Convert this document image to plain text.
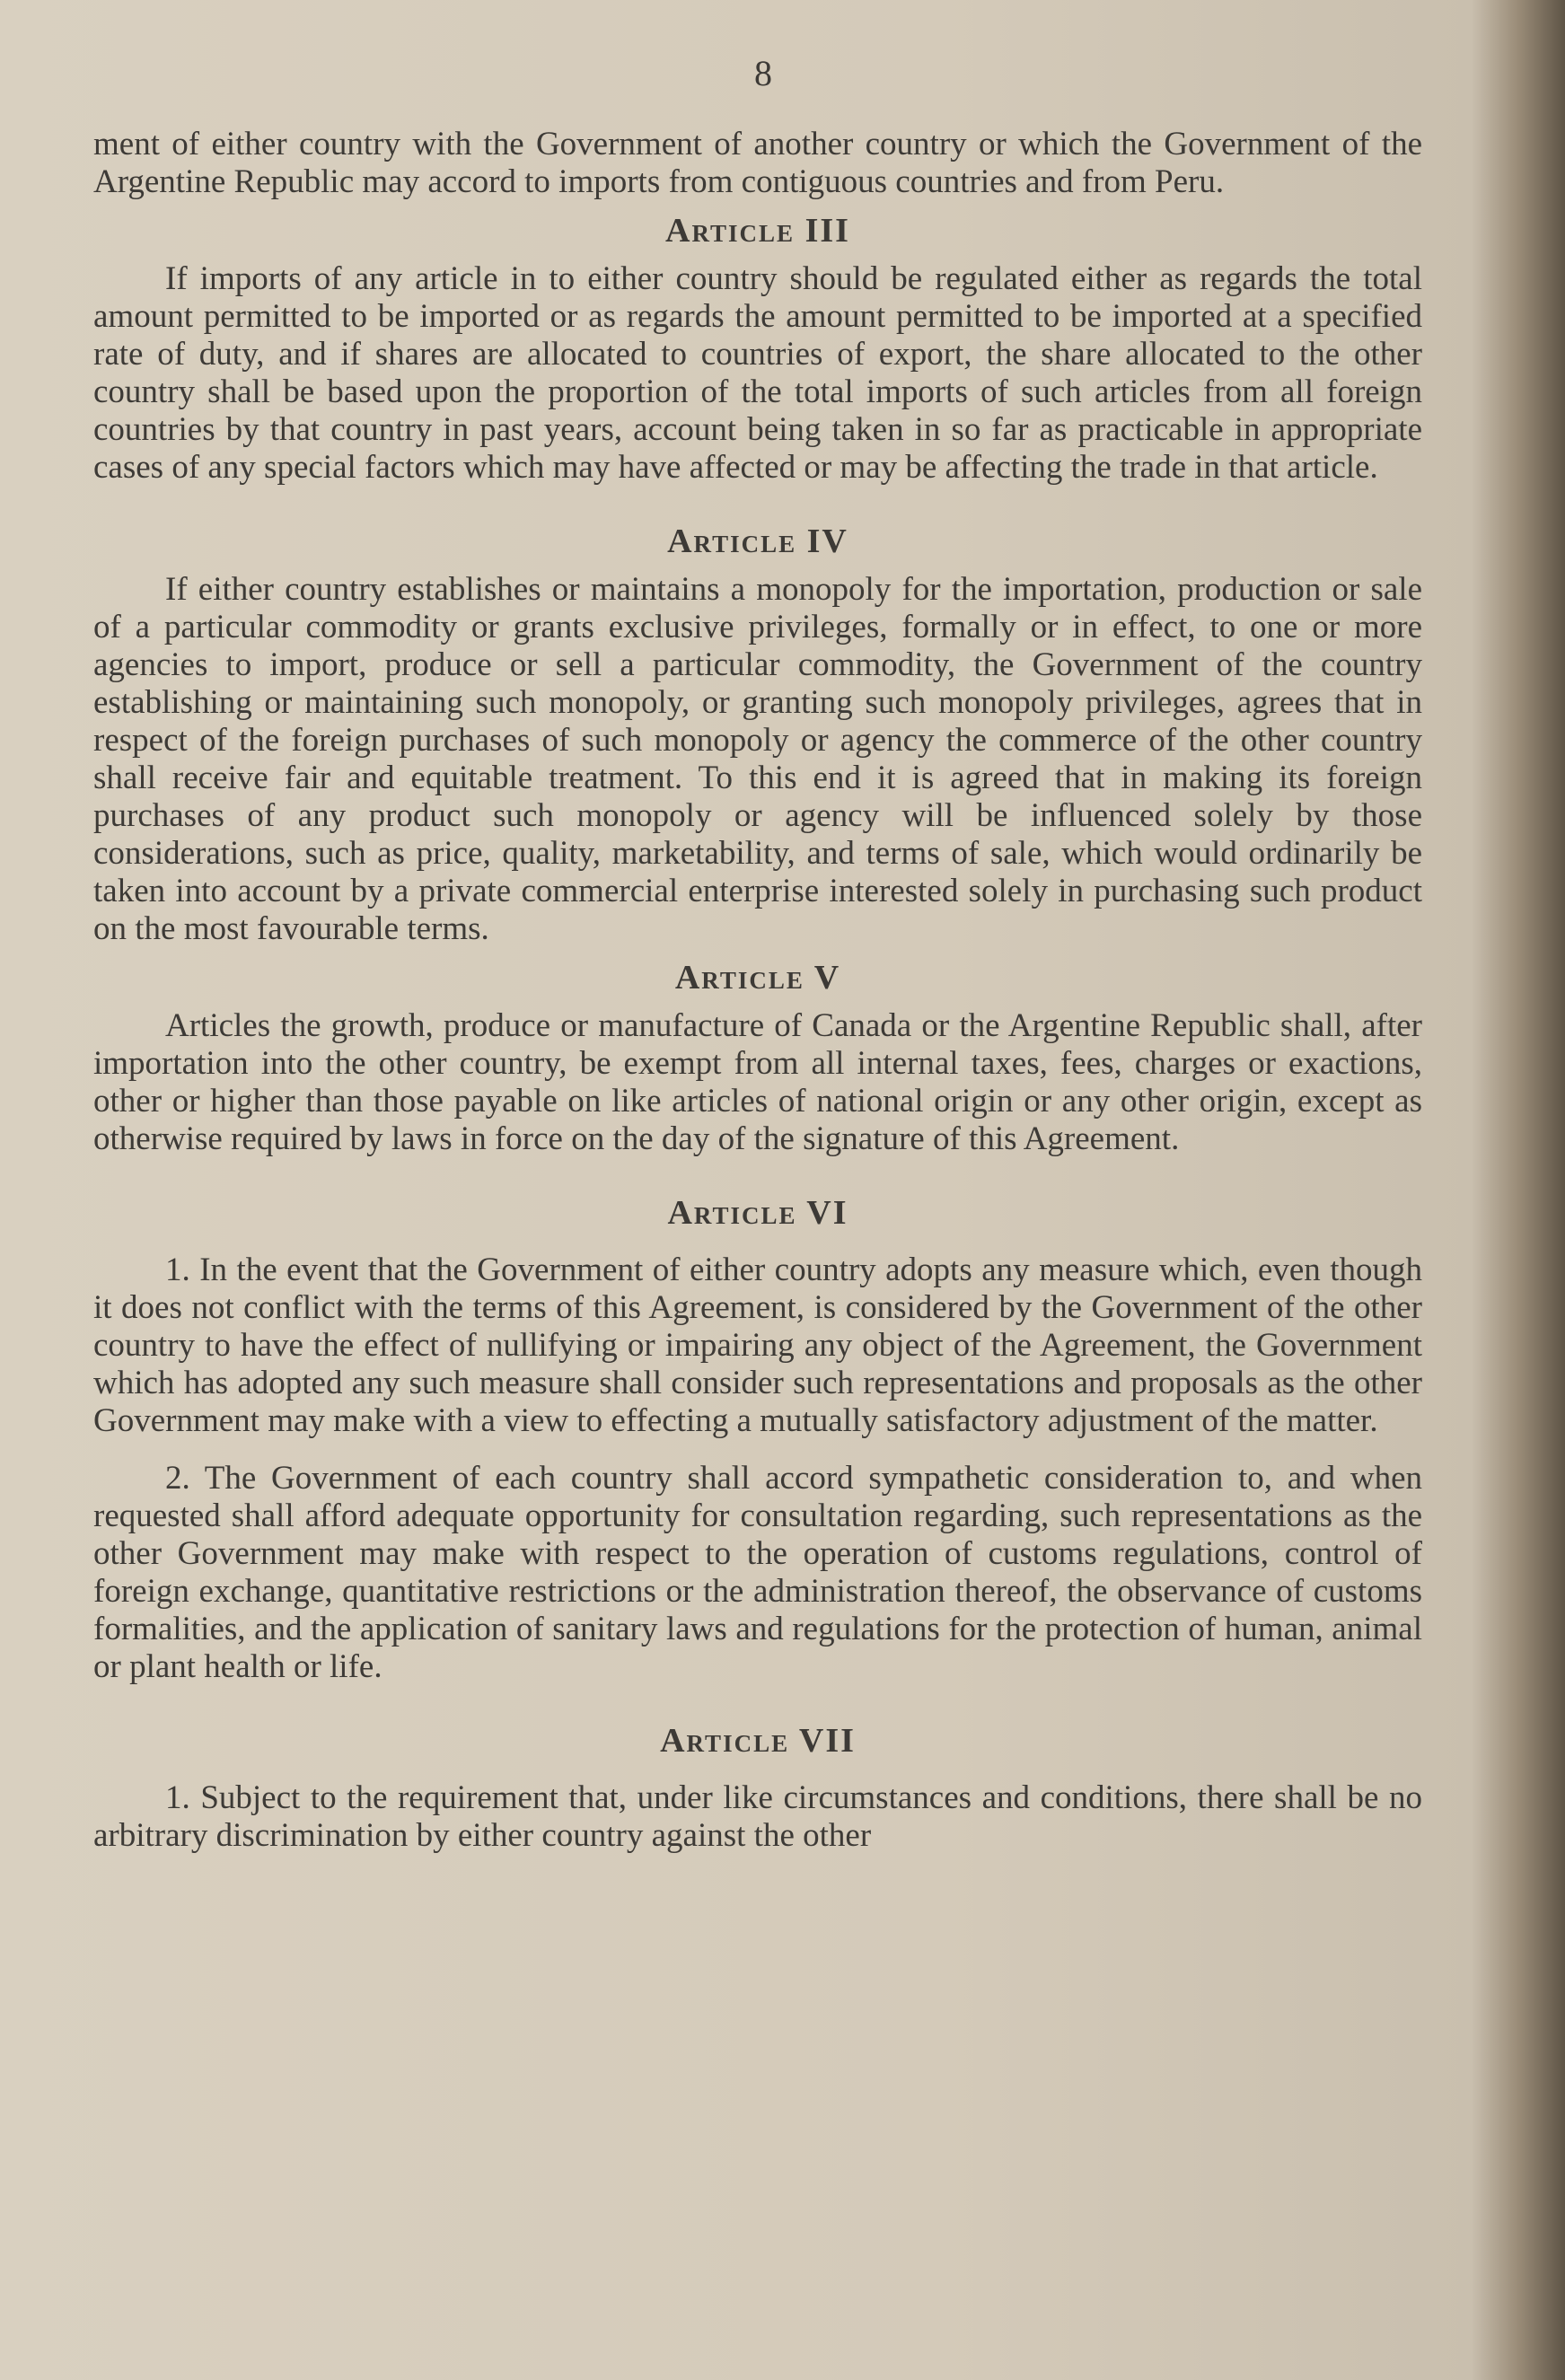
8

ment of either country with the Government of another country or which the Government of the Argentine Republic may accord to imports from contiguous countries and from Peru.

Article III

If imports of any article in to either country should be regulated either as regards the total amount permitted to be imported or as regards the amount permitted to be imported at a specified rate of duty, and if shares are allocated to countries of export, the share allocated to the other country shall be based upon the proportion of the total imports of such articles from all foreign countries by that country in past years, account being taken in so far as practicable in appropriate cases of any special factors which may have affected or may be affecting the trade in that article.

Article IV

If either country establishes or maintains a monopoly for the importation, production or sale of a particular commodity or grants exclusive privileges, formally or in effect, to one or more agencies to import, produce or sell a particular commodity, the Government of the country establishing or maintaining such monopoly, or granting such monopoly privileges, agrees that in respect of the foreign purchases of such monopoly or agency the commerce of the other country shall receive fair and equitable treatment. To this end it is agreed that in making its foreign purchases of any product such monopoly or agency will be influenced solely by those considerations, such as price, quality, marketability, and terms of sale, which would ordinarily be taken into account by a private commercial enterprise interested solely in purchasing such product on the most favourable terms.

Article V

Articles the growth, produce or manufacture of Canada or the Argentine Republic shall, after importation into the other country, be exempt from all internal taxes, fees, charges or exactions, other or higher than those payable on like articles of national origin or any other origin, except as otherwise required by laws in force on the day of the signature of this Agreement.

Article VI

1. In the event that the Government of either country adopts any measure which, even though it does not conflict with the terms of this Agreement, is considered by the Government of the other country to have the effect of nullifying or impairing any object of the Agreement, the Government which has adopted any such measure shall consider such representations and proposals as the other Government may make with a view to effecting a mutually satisfactory adjustment of the matter.

2. The Government of each country shall accord sympathetic consideration to, and when requested shall afford adequate opportunity for consultation regarding, such representations as the other Government may make with respect to the operation of customs regulations, control of foreign exchange, quantitative restrictions or the administration thereof, the observance of customs formalities, and the application of sanitary laws and regulations for the protection of human, animal or plant health or life.

Article VII

1. Subject to the requirement that, under like circumstances and conditions, there shall be no arbitrary discrimination by either country against the other
